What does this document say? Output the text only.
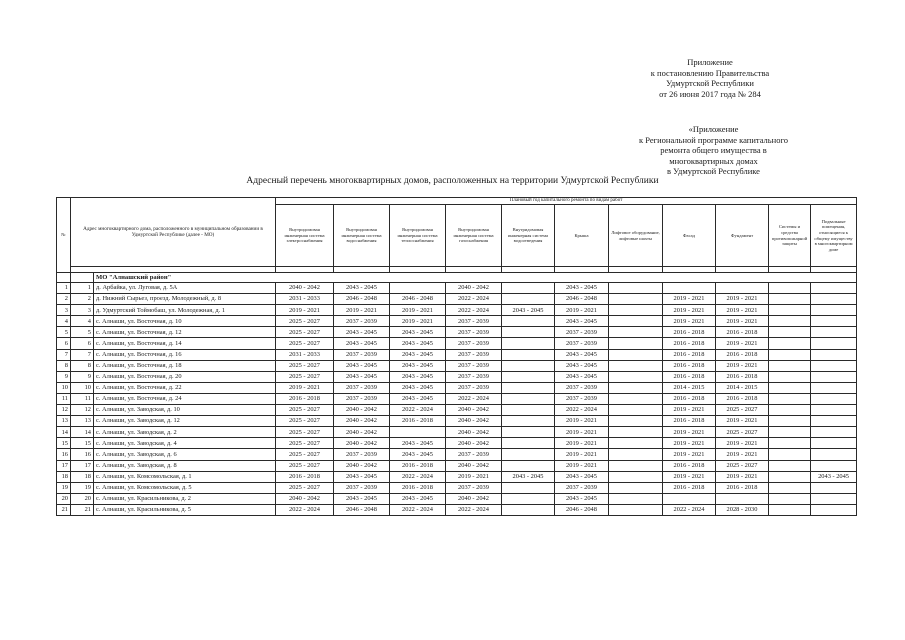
Приложение
к постановлению Правительства
Удмуртской Республики
от 26 июня 2017 года № 284
«Приложение
к Региональной программе капитального
ремонта общего имущества в
многоквартирных домах
в Удмуртской Республике
Адресный перечень многоквартирных домов, расположенных на территории Удмуртской Республики
№	Адрес многоквартирного дома, расположенного в муниципальном образовании в Удмуртской Республике (далее - МО)		Плановый год капитального ремонта по видам работ										
			Внутридомовая инженерная система электроснабжения	Внутридомовая инженерная система водоснабжения	Внутридомовая инженерная система теплоснабжения	Внутридомовая инженерная система газоснабжения	Внутридомовая инженерная система водоотведения	Крыша	Лифтовое оборудование, лифтовые шахты	Фасад	Фундамент	Системы и средства противопожарной защиты	Подвальные помещения, относящиеся к общему имуществу в многоквартирном доме

		МО "Алнашский район"											
1	1	д. Арбайка, ул. Луговая, д. 5А	2040 - 2042	2043 - 2045		2040 - 2042		2043 - 2045					
2	2	д. Нижний Сырьез, проезд. Молодежный, д. 8	2031 - 2033	2046 - 2048	2046 - 2048	2022 - 2024		2046 - 2048		2019 - 2021	2019 - 2021		
3	3	д. Удмуртский Тоймобаш, ул. Молодежная, д. 1	2019 - 2021	2019 - 2021	2019 - 2021	2022 - 2024	2043 - 2045	2019 - 2021		2019 - 2021	2019 - 2021		
4	4	с. Алнаши, ул. Восточная, д. 10	2025 - 2027	2037 - 2039	2019 - 2021	2037 - 2039		2043 - 2045		2019 - 2021	2019 - 2021		
5	5	с. Алнаши, ул. Восточная, д. 12	2025 - 2027	2043 - 2045	2043 - 2045	2037 - 2039		2037 - 2039		2016 - 2018	2016 - 2018		
6	6	с. Алнаши, ул. Восточная, д. 14	2025 - 2027	2043 - 2045	2043 - 2045	2037 - 2039		2037 - 2039		2016 - 2018	2019 - 2021		
7	7	с. Алнаши, ул. Восточная, д. 16	2031 - 2033	2037 - 2039	2043 - 2045	2037 - 2039		2043 - 2045		2016 - 2018	2016 - 2018		
8	8	с. Алнаши, ул. Восточная, д. 18	2025 - 2027	2043 - 2045	2043 - 2045	2037 - 2039		2043 - 2045		2016 - 2018	2019 - 2021		
9	9	с. Алнаши, ул. Восточная, д. 20	2025 - 2027	2043 - 2045	2043 - 2045	2037 - 2039		2043 - 2045		2016 - 2018	2016 - 2018		
10	10	с. Алнаши, ул. Восточная, д. 22	2019 - 2021	2037 - 2039	2043 - 2045	2037 - 2039		2037 - 2039		2014 - 2015	2014 - 2015		
11	11	с. Алнаши, ул. Восточная, д. 24	2016 - 2018	2037 - 2039	2043 - 2045	2022 - 2024		2037 - 2039		2016 - 2018	2016 - 2018		
12	12	с. Алнаши, ул. Заводская, д. 10	2025 - 2027	2040 - 2042	2022 - 2024	2040 - 2042		2022 - 2024		2019 - 2021	2025 - 2027		
13	13	с. Алнаши, ул. Заводская, д. 12	2025 - 2027	2040 - 2042	2016 - 2018	2040 - 2042		2019 - 2021		2016 - 2018	2019 - 2021		
14	14	с. Алнаши, ул. Заводская, д. 2	2025 - 2027	2040 - 2042		2040 - 2042		2019 - 2021		2019 - 2021	2025 - 2027		
15	15	с. Алнаши, ул. Заводская, д. 4	2025 - 2027	2040 - 2042	2043 - 2045	2040 - 2042		2019 - 2021		2019 - 2021	2019 - 2021		
16	16	с. Алнаши, ул. Заводская, д. 6	2025 - 2027	2037 - 2039	2043 - 2045	2037 - 2039		2019 - 2021		2019 - 2021	2019 - 2021		
17	17	с. Алнаши, ул. Заводская, д. 8	2025 - 2027	2040 - 2042	2016 - 2018	2040 - 2042		2019 - 2021		2016 - 2018	2025 - 2027		
18	18	с. Алнаши, ул. Комсомольская, д. 1	2016 - 2018	2043 - 2045	2022 - 2024	2019 - 2021	2043 - 2045	2043 - 2045		2019 - 2021	2019 - 2021		2043 - 2045
19	19	с. Алнаши, ул. Комсомольская, д. 5	2025 - 2027	2037 - 2039	2016 - 2018	2037 - 2039		2037 - 2039		2016 - 2018	2016 - 2018		
20	20	с. Алнаши, ул. Красильникова, д. 2	2040 - 2042	2043 - 2045	2043 - 2045	2040 - 2042		2043 - 2045					
21	21	с. Алнаши, ул. Красильникова, д. 5	2022 - 2024	2046 - 2048	2022 - 2024	2022 - 2024		2046 - 2048		2022 - 2024	2028 - 2030		
